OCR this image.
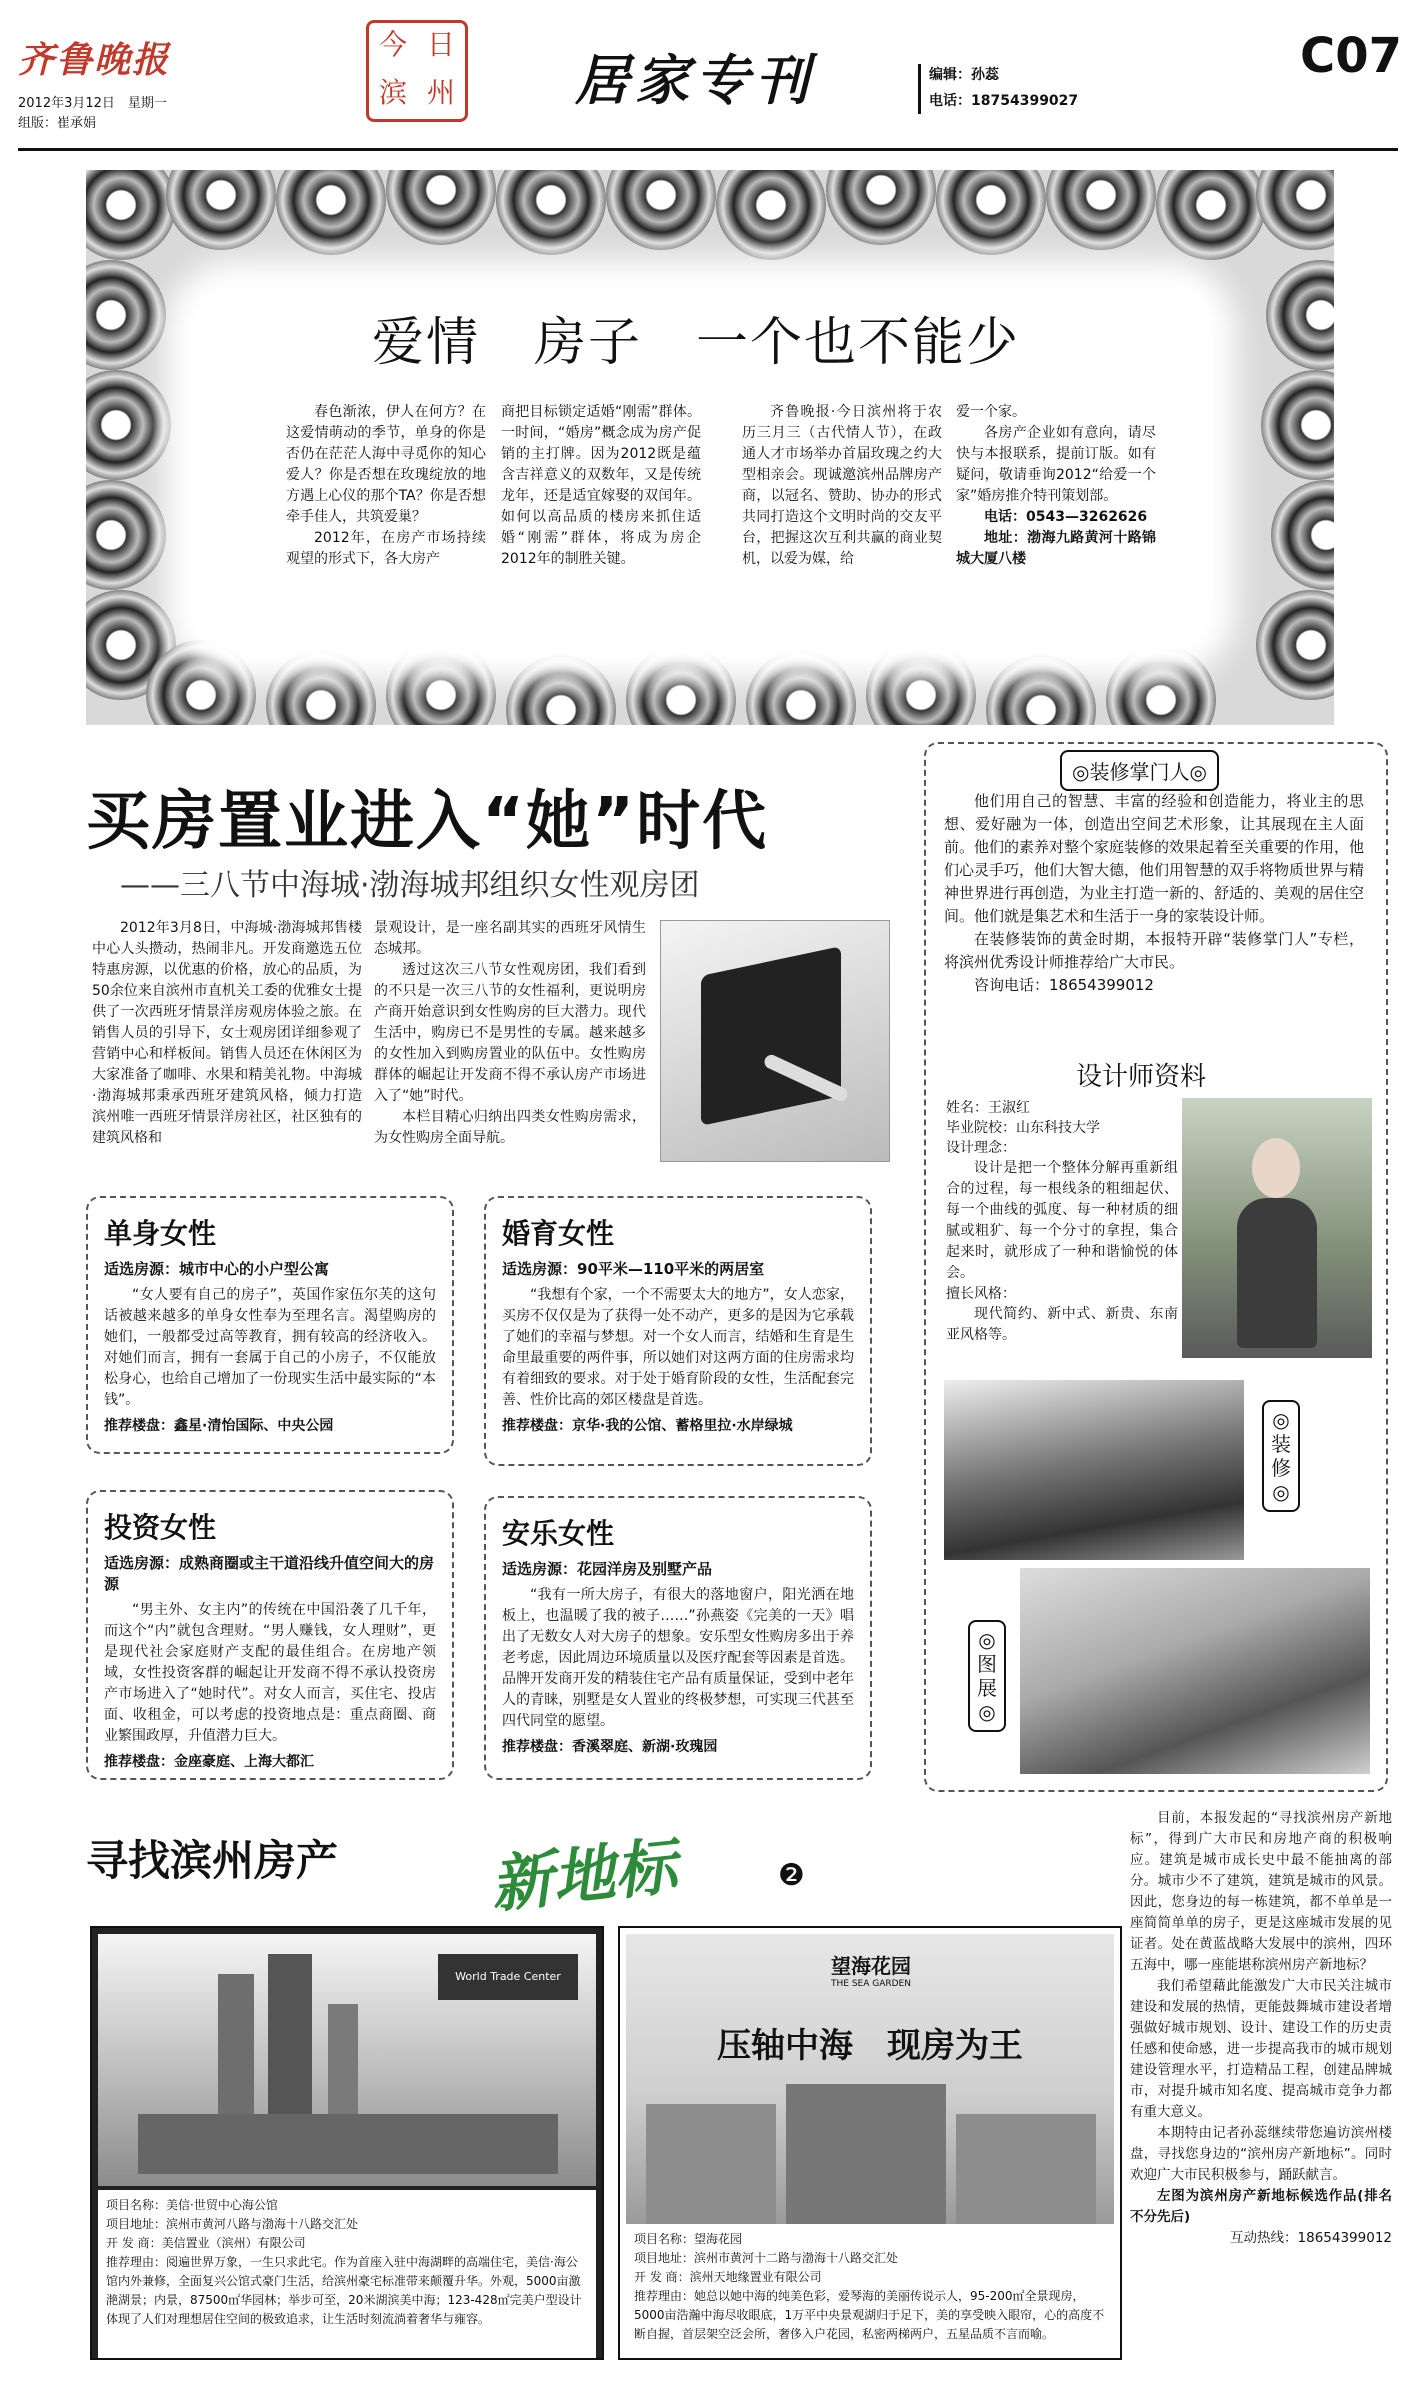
齐鲁晚报
2012年3月12日　星期一
组版：崔承娟
今 日
滨 州 居家专刊	编辑：孙蕊
电话：18754399027
C07
爱情　房子　一个也不能少

春色渐浓，伊人在何方？在这爱情萌动的季节，单身的你是否仍在茫茫人海中寻觅你的知心爱人？你是否想在玫瑰绽放的地方遇上心仪的那个TA？你是否想牵手佳人，共筑爱巢？

2012年，在房产市场持续观望的形式下，各大房产

商把目标锁定适婚“刚需”群体。一时间，“婚房”概念成为房产促销的主打牌。因为2012既是蕴含吉祥意义的双数年，又是传统龙年，还是适宜嫁娶的双闰年。如何以高品质的楼房来抓住适婚“刚需”群体，将成为房企2012年的制胜关键。

齐鲁晚报·今日滨州将于农历三月三（古代情人节），在政通人才市场举办首届玫瑰之约大型相亲会。现诚邀滨州品牌房产商，以冠名、赞助、协办的形式共同打造这个文明时尚的交友平台，把握这次互利共赢的商业契机，以爱为媒，给

爱一个家。

各房产企业如有意向，请尽快与本报联系，提前订版。如有疑问，敬请垂询2012“给爱一个家”婚房推介特刊策划部。

电话：0543—3262626

地址：渤海九路黄河十路锦城大厦八楼

买房置业进入“她”时代
——三八节中海城·渤海城邦组织女性观房团

2012年3月8日，中海城·渤海城邦售楼中心人头攒动，热闹非凡。开发商邀选五位特惠房源，以优惠的价格，放心的品质，为50余位来自滨州市直机关工委的优雅女士提供了一次西班牙情景洋房观房体验之旅。在销售人员的引导下，女士观房团详细参观了营销中心和样板间。销售人员还在休闲区为大家准备了咖啡、水果和精美礼物。中海城·渤海城邦秉承西班牙建筑风格，倾力打造滨州唯一西班牙情景洋房社区，社区独有的建筑风格和

景观设计，是一座名副其实的西班牙风情生态城邦。

透过这次三八节女性观房团，我们看到的不只是一次三八节的女性福利，更说明房产商开始意识到女性购房的巨大潜力。现代生活中，购房已不是男性的专属。越来越多的女性加入到购房置业的队伍中。女性购房群体的崛起让开发商不得不承认房产市场进入了“她”时代。

本栏目精心归纳出四类女性购房需求，为女性购房全面导航。

单身女性
适选房源：城市中心的小户型公寓

“女人要有自己的房子”，英国作家伍尔芙的这句话被越来越多的单身女性奉为至理名言。渴望购房的她们，一般都受过高等教育，拥有较高的经济收入。对她们而言，拥有一套属于自己的小房子，不仅能放松身心，也给自己增加了一份现实生活中最实际的“本钱”。

推荐楼盘：鑫星·清怡国际、中央公园
婚育女性
适选房源：90平米—110平米的两居室

“我想有个家，一个不需要太大的地方”，女人恋家，买房不仅仅是为了获得一处不动产，更多的是因为它承载了她们的幸福与梦想。对一个女人而言，结婚和生育是生命里最重要的两件事，所以她们对这两方面的住房需求均有着细致的要求。对于处于婚育阶段的女性，生活配套完善、性价比高的郊区楼盘是首选。

推荐楼盘：京华·我的公馆、蓄格里拉·水岸绿城
投资女性
适选房源：成熟商圈或主干道沿线升值空间大的房源

“男主外、女主内”的传统在中国沿袭了几千年，而这个“内”就包含理财。“男人赚钱，女人理财”，更是现代社会家庭财产支配的最佳组合。在房地产领域，女性投资客群的崛起让开发商不得不承认投资房产市场进入了“她时代”。对女人而言，买住宅、投店面、收租金，可以考虑的投资地点是：重点商圈、商业繁围政厚，升值潜力巨大。

推荐楼盘：金座豪庭、上海大都汇
安乐女性
适选房源：花园洋房及别墅产品

“我有一所大房子，有很大的落地窗户，阳光洒在地板上，也温暖了我的被子……”孙燕姿《完美的一天》唱出了无数女人对大房子的想象。安乐型女性购房多出于养老考虑，因此周边环境质量以及医疗配套等因素是首选。品牌开发商开发的精装住宅产品有质量保证，受到中老年人的青睐，别墅是女人置业的终极梦想，可实现三代甚至四代同堂的愿望。

推荐楼盘：香溪翠庭、新湖·玫瑰园
◎装修掌门人◎

他们用自己的智慧、丰富的经验和创造能力，将业主的思想、爱好融为一体，创造出空间艺术形象，让其展现在主人面前。他们的素养对整个家庭装修的效果起着至关重要的作用，他们心灵手巧，他们大智大德，他们用智慧的双手将物质世界与精神世界进行再创造，为业主打造一新的、舒适的、美观的居住空间。他们就是集艺术和生活于一身的家装设计师。

在装修装饰的黄金时期，本报特开辟“装修掌门人”专栏，将滨州优秀设计师推荐给广大市民。

咨询电话：18654399012

设计师资料
姓名：王淑红
毕业院校：山东科技大学
设计理念：

设计是把一个整体分解再重新组合的过程，每一根线条的粗细起伏、每一个曲线的弧度、每一种材质的细腻或粗犷、每一个分寸的拿捏，集合起来时，就形成了一种和谐愉悦的体会。

擅长风格：

现代简约、新中式、新贵、东南亚风格等。

◎装修◎
◎图展◎
寻找滨州房产 新地标	❷

目前，本报发起的“寻找滨州房产新地标”，得到广大市民和房地产商的积极响应。建筑是城市成长史中最不能抽离的部分。城市少不了建筑，建筑是城市的风景。因此，您身边的每一栋建筑，都不单单是一座简简单单的房子，更是这座城市发展的见证者。处在黄蓝战略大发展中的滨州，四环五海中，哪一座能堪称滨州房产新地标？

我们希望藉此能激发广大市民关注城市建设和发展的热情，更能鼓舞城市建设者增强做好城市规划、设计、建设工作的历史责任感和使命感，进一步提高我市的城市规划建设管理水平，打造精品工程，创建品牌城市，对提升城市知名度、提高城市竞争力都有重大意义。

本期特由记者孙蕊继续带您遍访滨州楼盘，寻找您身边的“滨州房产新地标”。同时欢迎广大市民积极参与，踊跃献言。

左图为滨州房产新地标候选作品(排名不分先后)

互动热线：18654399012
World Trade Center
项目名称：美信·世贸中心海公馆
项目地址：滨州市黄河八路与渤海十八路交汇处
开 发 商：美信置业（滨州）有限公司
推荐理由：阅遍世界万象，一生只求此宅。作为首座入驻中海湖畔的高端住宅，美信·海公馆内外兼修，全面复兴公馆式豪门生活，给滨州豪宅标准带来颠覆升华。外观，5000亩激滟湖景；内景，87500㎡华园林；举步可至，20米湖滨美中海；123-428㎡完美户型设计体现了人们对理想居住空间的极致追求，让生活时刻流淌着奢华与雍容。
望海花园
THE SEA GARDEN
压轴中海　现房为王
项目名称：望海花园
项目地址：滨州市黄河十二路与渤海十八路交汇处
开 发 商：滨州天地缘置业有限公司
推荐理由：她总以她中海的纯美色彩，爱琴海的美丽传说示人，95-200㎡全景现房，5000亩浩瀚中海尽收眼底，1万平中央景观湖归于足下，美的享受映入眼帘，心的高度不断自握，首层架空泛会所，奢侈入户花园，私密两梯两户，五星品质不言而喻。
